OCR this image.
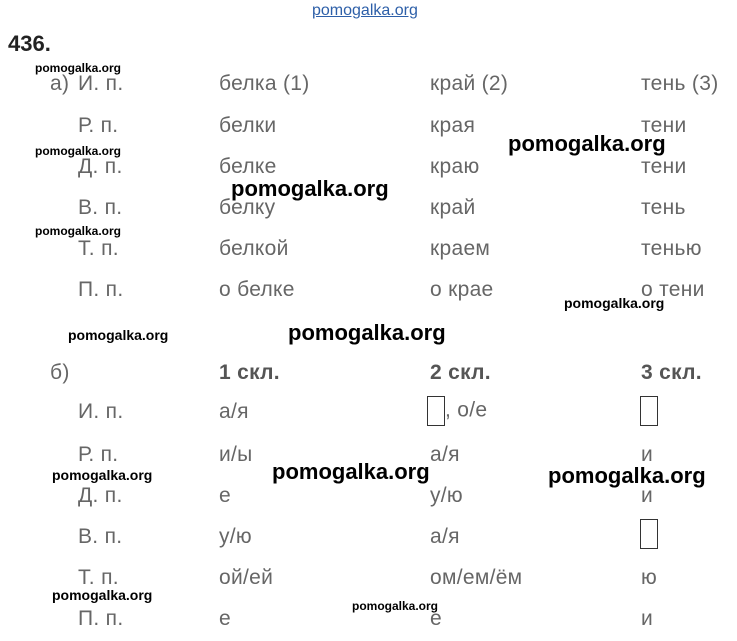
pomogalka.org
436.
а) И. п.	белка (1)	край (2)	тень (3)
Р. п.	белки	края	тени
Д. п.	белке	краю	тени
В. п.	белку	край	тень
Т. п.	белкой	краем	тенью
П. п.	о белке	о крае	о тени
б)	1 скл.	2 скл.	3 скл.
И. п.	а/я	, о/е
Р. п.	и/ы	а/я	и
Д. п.	е	у/ю	и
В. п.	у/ю	а/я
Т. п.	ой/ей	ом/ем/ём	ю
П. п.	е	е	и
pomogalka.org
pomogalka.org
pomogalka.org
pomogalka.org
pomogalka.org
pomogalka.org
pomogalka.org
pomogalka.org
pomogalka.org
pomogalka.org
pomogalka.org
pomogalka.org	pomogalka.org
